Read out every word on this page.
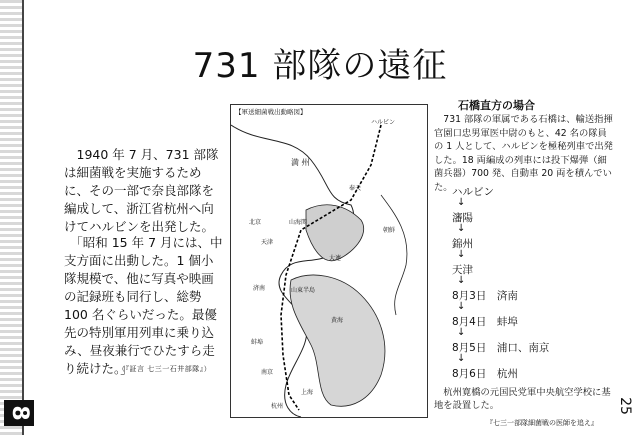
8	25
731 部隊の遠征
1940 年 7 月、731 部隊は細菌戦を実施するために、その一部で奈良部隊を編成して、浙江省杭州へ向けてハルビンを出発した。
「昭和 15 年 7 月には、中支方面に出動した。1 個小隊規模で、他に写真や映画の記録班も同行し、総勢 100 名ぐらいだった。最優先の特別軍用列車に乗り込み、昼夜兼行でひたすら走り続けた。」
（『証言 七三一石井部隊』）
【軍送細菌戦出動略図】
ハルビン
満 州
奉天
北京
天津
山海関
大連
朝鮮
黄海
済南	山東半島
蚌埠
南京
上海
杭州
石橋直方の場合
731 部隊の軍属である石橋は、輸送指揮官園口忠男軍医中尉のもと、42 名の隊員の 1 人として、ハルビンを極秘列車で出発した。18 両編成の列車には投下爆弾（細菌兵器）700 発、自動車 20 両を積んでいた。 ハルビン
↓
瀋陽
↓
錦州
↓
天津
↓
8月3日　済南
↓
8月4日　蚌埠
↓
8月5日　浦口、南京
↓
8月6日　杭州
杭州寛橋の元国民党軍中央航空学校に基地を設置した。
『七三一部隊細菌戦の医師を追え』
